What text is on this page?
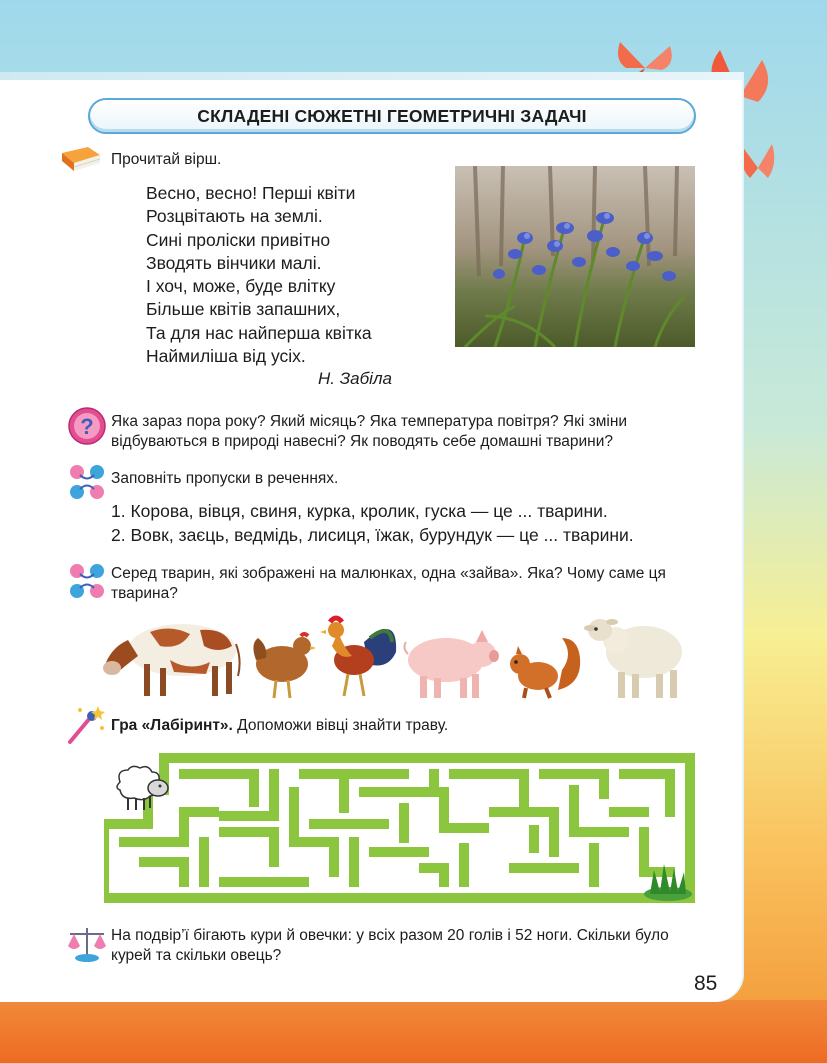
СКЛАДЕНІ СЮЖЕТНІ ГЕОМЕТРИЧНІ ЗАДАЧІ
Прочитай вірш.
Весно, весно! Перші квіти
Розцвітають на землі.
Сині проліски привітно
Зводять вінчики малі.
І хоч, може, буде влітку
Більше квітів запашних,
Та для нас найперша квітка
Наймиліша від усіх.
Н. Забіла
? Яка зараз пора року? Який місяць? Яка температура повітря? Які зміни відбуваються в природі навесні? Як поводять себе домашні тварини?
Заповніть пропуски в реченнях.
1. Корова, вівця, свиня, курка, кролик, гуска — це ... тварини.
2. Вовк, заєць, ведмідь, лисиця, їжак, бурундук — це ... тварини.
Серед тварин, які зображені на малюнках, одна «зайва». Яка? Чому саме ця тварина?
Гра «Лабіринт». Допоможи вівці знайти траву.
На подвір’ї бігають кури й овечки: у всіх разом 20 голів і 52 ноги. Скільки було курей та скільки овець?
85
